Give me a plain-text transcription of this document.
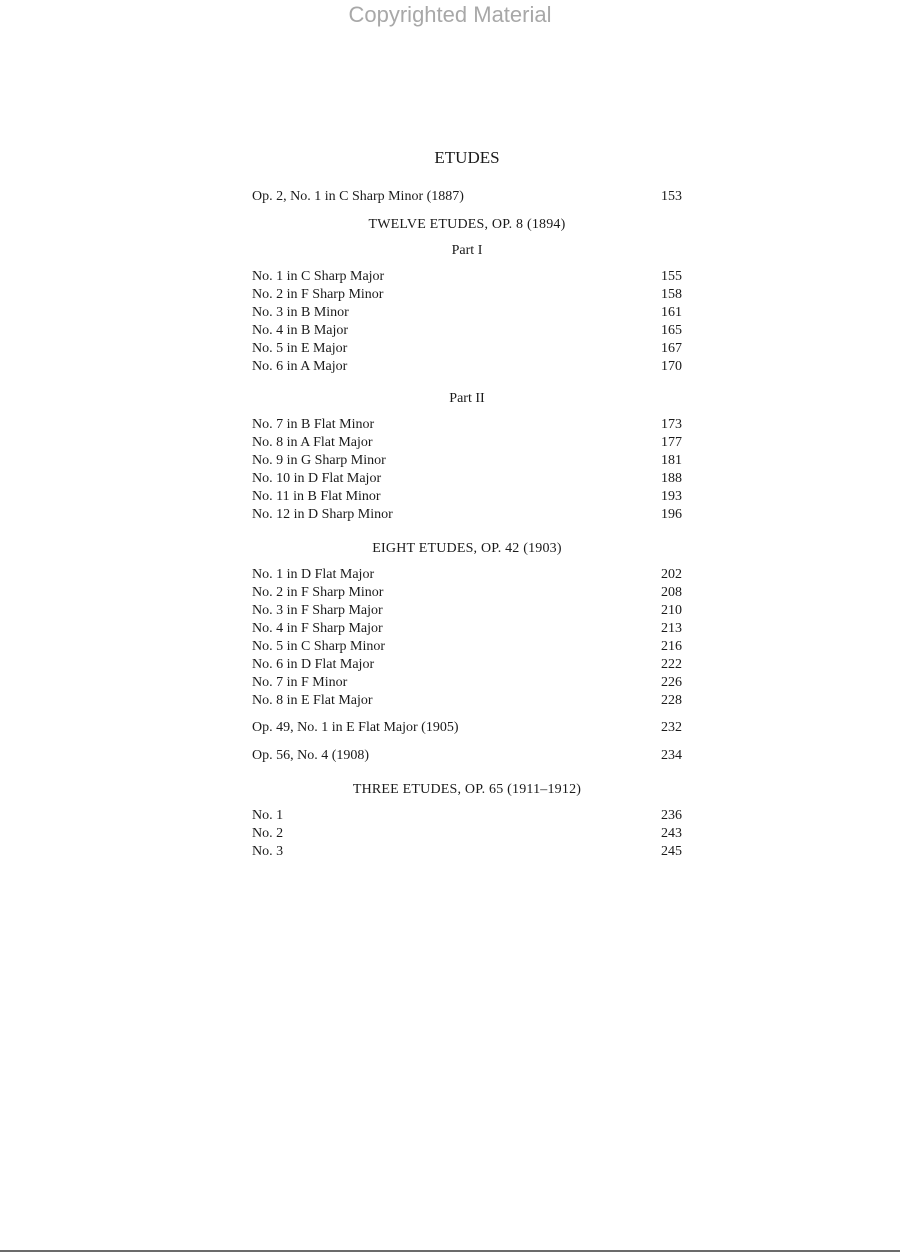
Copyrighted Material
ETUDES
Op. 2, No. 1 in C Sharp Minor (1887)	153
TWELVE ETUDES, OP. 8 (1894)
Part I
No. 1 in C Sharp Major	155
No. 2 in F Sharp Minor	158
No. 3 in B Minor	161
No. 4 in B Major	165
No. 5 in E Major	167
No. 6 in A Major	170
Part II
No. 7 in B Flat Minor	173
No. 8 in A Flat Major	177
No. 9 in G Sharp Minor	181
No. 10 in D Flat Major	188
No. 11 in B Flat Minor	193
No. 12 in D Sharp Minor	196
EIGHT ETUDES, OP. 42 (1903)
No. 1 in D Flat Major	202
No. 2 in F Sharp Minor	208
No. 3 in F Sharp Major	210
No. 4 in F Sharp Major	213
No. 5 in C Sharp Minor	216
No. 6 in D Flat Major	222
No. 7 in F Minor	226
No. 8 in E Flat Major	228
Op. 49, No. 1 in E Flat Major (1905)	232
Op. 56, No. 4 (1908)	234
THREE ETUDES, OP. 65 (1911–1912)
No. 1	236
No. 2	243
No. 3	245
